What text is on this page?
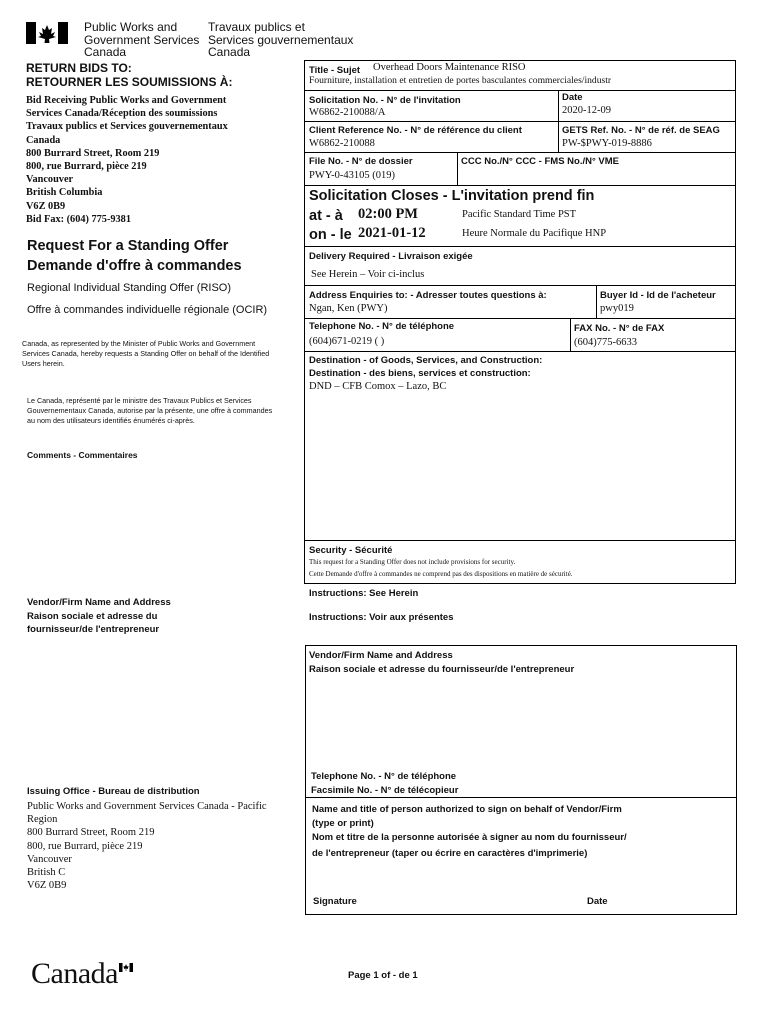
Public Works and
Government Services
Canada
Travaux publics et
Services gouvernementaux
Canada
RETURN BIDS TO:
RETOURNER LES SOUMISSIONS À:
Bid Receiving Public Works and Government
Services Canada/Réception des soumissions
Travaux publics et Services gouvernementaux
Canada
800 Burrard Street, Room 219
800, rue Burrard, pièce 219
Vancouver
British Columbia
V6Z 0B9
Bid Fax: (604) 775-9381
Request For a Standing Offer
Demande d'offre à commandes
Regional Individual Standing Offer (RISO)
Offre à commandes individuelle régionale (OCIR)
Canada, as represented by the Minister of Public Works and Government Services Canada, hereby requests a Standing Offer on behalf of the Identified Users herein.
Le Canada, représenté par le ministre des Travaux Publics et Services Gouvernementaux Canada, autorise par la présente, une offre à commandes au nom des utilisateurs identifiés énumérés ci-après.
Comments - Commentaires
Vendor/Firm Name and Address
Raison sociale et adresse du
fournisseur/de l'entrepreneur
Issuing Office - Bureau de distribution
Public Works and Government Services Canada - Pacific
Region
800 Burrard Street, Room 219
800, rue Burrard, pièce 219
Vancouver
British C
V6Z 0B9
Title - Sujet Overhead Doors Maintenance RISO
Fourniture, installation et entretien de portes basculantes commerciales/industr
Solicitation No. - N° de l'invitation
W6862-210088/A
Date
2020-12-09
Client Reference No. - N° de référence du client
W6862-210088
GETS Ref. No. - N° de réf. de SEAG
PW-$PWY-019-8886
File No. - N° de dossier
PWY-0-43105 (019)
CCC No./N° CCC - FMS No./N° VME
Solicitation Closes - L'invitation prend fin
at - à 02:00 PM	Pacific Standard Time PST
on - le 2021-01-12	Heure Normale du Pacifique HNP
Delivery Required - Livraison exigée
See Herein – Voir ci-inclus
Address Enquiries to: - Adresser toutes questions à:
Ngan, Ken (PWY)
Buyer Id - Id de l'acheteur
pwy019
Telephone No. - N° de téléphone
(604)671-0219 ( )
FAX No. - N° de FAX
(604)775-6633
Destination - of Goods, Services, and Construction:
Destination - des biens, services et construction:
DND – CFB Comox – Lazo, BC
Security - Sécurité
This request for a Standing Offer does not include provisions for security.
Cette Demande d'offre à commandes ne comprend pas des dispositions en matière de sécurité.
Instructions: See Herein
Instructions: Voir aux présentes
Vendor/Firm Name and Address
Raison sociale et adresse du fournisseur/de l'entrepreneur
Telephone No. - N° de téléphone
Facsimile No. - N° de télécopieur
Name and title of person authorized to sign on behalf of Vendor/Firm
(type or print)
Nom et titre de la personne autorisée à signer au nom du fournisseur/
de l'entrepreneur (taper ou écrire en caractères d'imprimerie)
Signature	Date
Canada	Page 1 of - de 1
